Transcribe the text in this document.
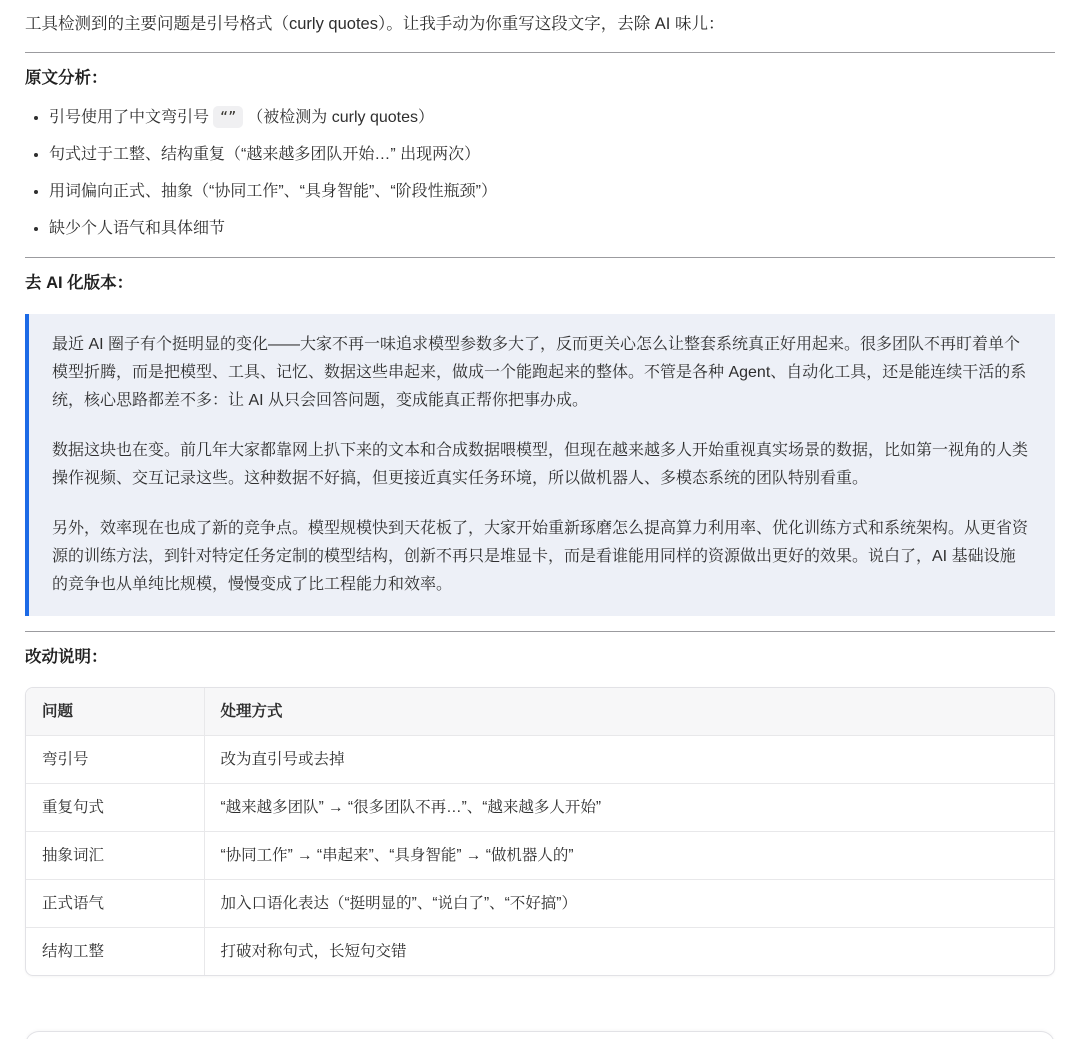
工具检测到的主要问题是引号格式（curly quotes）。让我手动为你重写这段文字，去除 AI 味儿：

原文分析：
• 引号使用了中文弯引号 “” （被检测为 curly quotes）
• 句式过于工整、结构重复（“越来越多团队开始…” 出现两次）
• 用词偏向正式、抽象（“协同工作”、“具身智能”、“阶段性瓶颈”）
• 缺少个人语气和具体细节
去 AI 化版本：

最近 AI 圈子有个挺明显的变化——大家不再一味追求模型参数多大了，反而更关心怎么让整套系统真正好用起来。很多团队不再盯着单个模型折腾，而是把模型、工具、记忆、数据这些串起来，做成一个能跑起来的整体。不管是各种 Agent、自动化工具，还是能连续干活的系统，核心思路都差不多：让 AI 从只会回答问题，变成能真正帮你把事办成。

数据这块也在变。前几年大家都靠网上扒下来的文本和合成数据喂模型，但现在越来越多人开始重视真实场景的数据，比如第一视角的人类操作视频、交互记录这些。这种数据不好搞，但更接近真实任务环境，所以做机器人、多模态系统的团队特别看重。

另外，效率现在也成了新的竞争点。模型规模快到天花板了，大家开始重新琢磨怎么提高算力利用率、优化训练方式和系统架构。从更省资源的训练方法，到针对特定任务定制的模型结构，创新不再只是堆显卡，而是看谁能用同样的资源做出更好的效果。说白了，AI 基础设施的竞争也从单纯比规模，慢慢变成了比工程能力和效率。

改动说明：
问题	处理方式
弯引号	改为直引号或去掉
重复句式	“越来越多团队” → “很多团队不再…”、“越来越多人开始”
抽象词汇	“协同工作” → “串起来”、“具身智能” → “做机器人的”
正式语气	加入口语化表达（“挺明显的”、“说白了”、“不好搞”）
结构工整	打破对称句式，长短句交错
